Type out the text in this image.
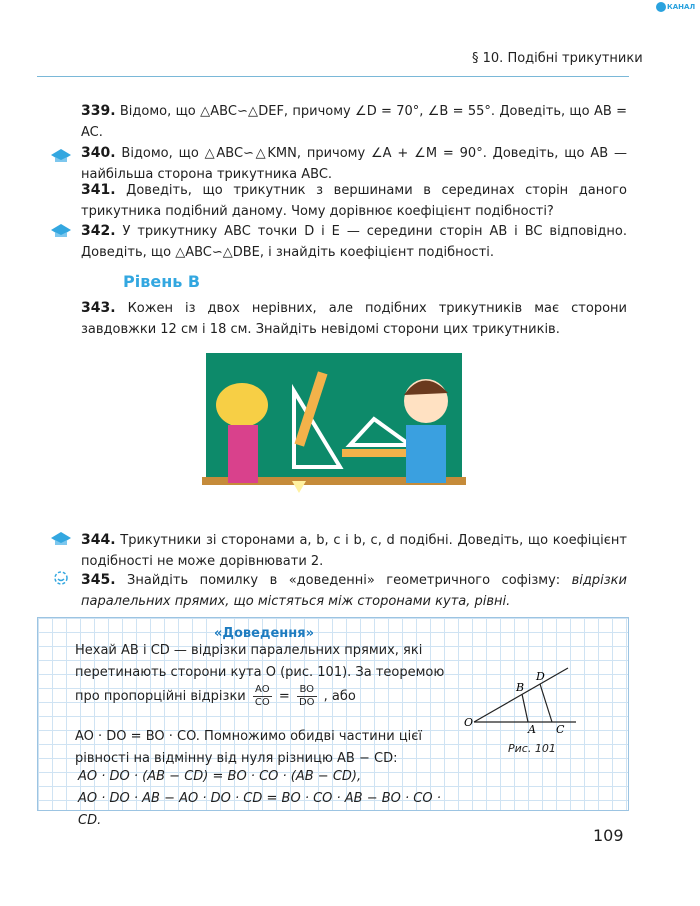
КАНАЛ
§ 10. Подібні трикутники
339. Відомо, що △ABC∽△DEF, причому ∠D = 70°, ∠B = 55°. Доведіть, що AB = AC.
340. Відомо, що △ABC∽△KMN, причому ∠A + ∠M = 90°. Доведіть, що AB — найбільша сторона трикутника ABC.
341. Доведіть, що трикутник з вершинами в серединах сторін даного трикутника подібний даному. Чому дорівнює коефіцієнт подібності?
342. У трикутнику ABC точки D і E — середини сторін AB і BC відповідно. Доведіть, що △ABC∽△DBE, і знайдіть коефіцієнт подібності.
Рівень В
343. Кожен із двох нерівних, але подібних трикутників має сторони завдовжки 12 см і 18 см. Знайдіть невідомі сторони цих трикутників.
344. Трикутники зі сторонами a, b, c і b, c, d подібні. Доведіть, що коефіцієнт подібності не може дорівнювати 2.
345. Знайдіть помилку в «доведенні» геометричного софізму: відрізки паралельних прямих, що містяться між сторонами кута, рівні.
«Доведення»
Нехай AB і CD — відрізки паралельних прямих, які перетинають сторони кута O (рис. 101). За теоремою про пропорційні відрізки $\frac{AO}{CO} = \frac{BO}{DO}$ , або
AO · DO = BO · CO. Помножимо обидві частини цієї рівності на відмінну від нуля різницю AB − CD:
AO · DO · (AB − CD) = BO · CO · (AB − CD),
AO · DO · AB − AO · DO · CD = BO · CO · AB − BO · CO · CD.
O
B
D
A C
Рис. 101
109
